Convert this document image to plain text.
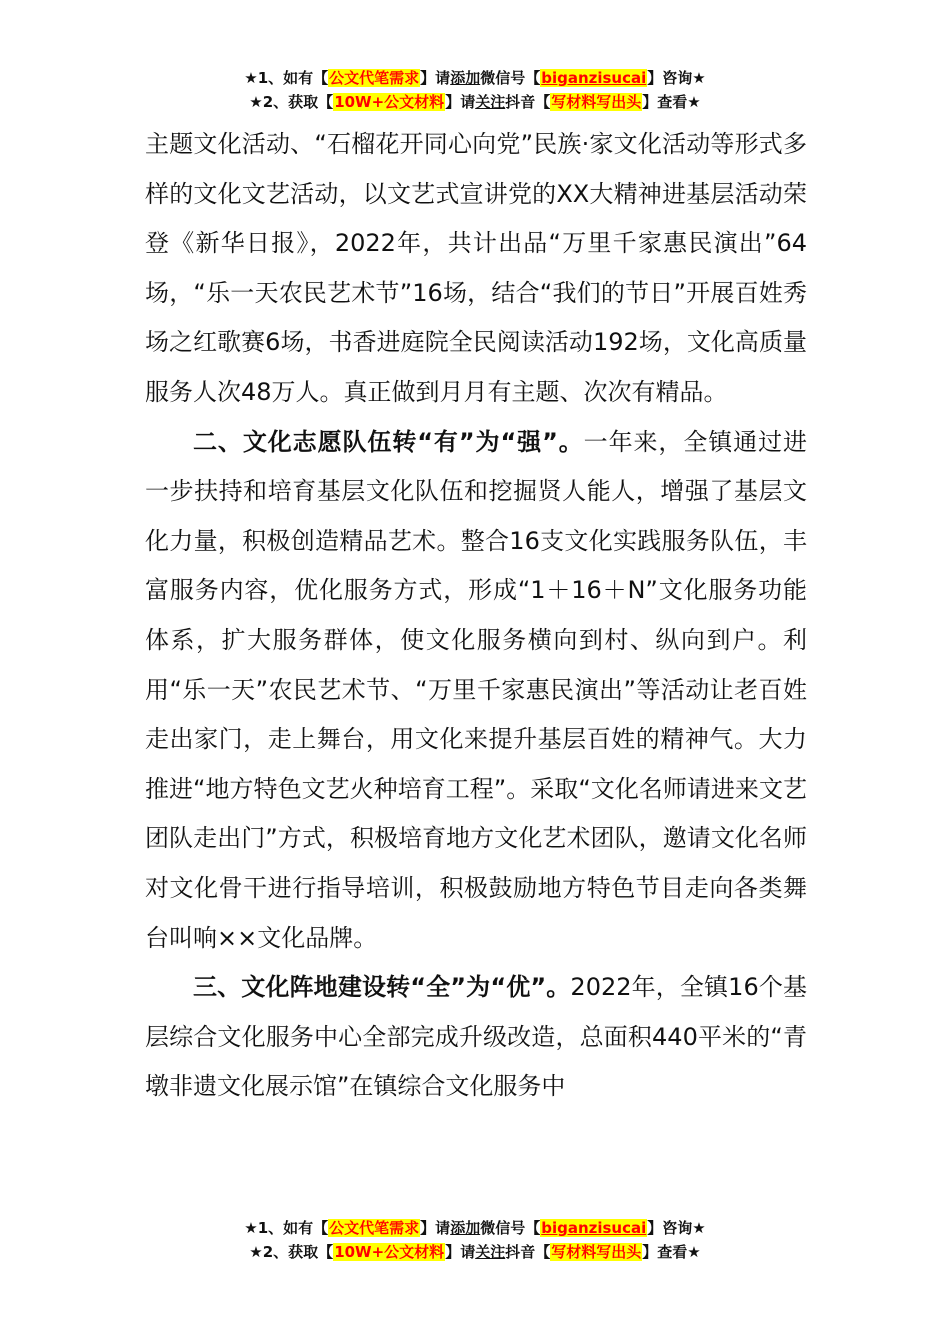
★1、如有【公文代笔需求】请添加微信号【biganzisucai】咨询★
★2、获取【10W+公文材料】请关注抖音【写材料写出头】查看★

主题文化活动、“石榴花开同心向党”民族·家文化活动等形式多样的文化文艺活动，以文艺式宣讲党的XX大精神进基层活动荣登《新华日报》，2022年，共计出品“万里千家惠民演出”64场，“乐一天农民艺术节”16场，结合“我们的节日”开展百姓秀场之红歌赛6场，书香进庭院全民阅读活动192场，文化高质量服务人次48万人。真正做到月月有主题、次次有精品。

二、文化志愿队伍转“有”为“强”。一年来，全镇通过进一步扶持和培育基层文化队伍和挖掘贤人能人，增强了基层文化力量，积极创造精品艺术。整合16支文化实践服务队伍，丰富服务内容，优化服务方式，形成“1＋16＋N”文化服务功能体系，扩大服务群体，使文化服务横向到村、纵向到户。利用“乐一天”农民艺术节、“万里千家惠民演出”等活动让老百姓走出家门，走上舞台，用文化来提升基层百姓的精神气。大力推进“地方特色文艺火种培育工程”。采取“文化名师请进来文艺团队走出门”方式，积极培育地方文化艺术团队，邀请文化名师对文化骨干进行指导培训，积极鼓励地方特色节目走向各类舞台叫响××文化品牌。

三、文化阵地建设转“全”为“优”。2022年，全镇16个基层综合文化服务中心全部完成升级改造，总面积440平米的“青墩非遗文化展示馆”在镇综合文化服务中

★1、如有【公文代笔需求】请添加微信号【biganzisucai】咨询★
★2、获取【10W+公文材料】请关注抖音【写材料写出头】查看★
